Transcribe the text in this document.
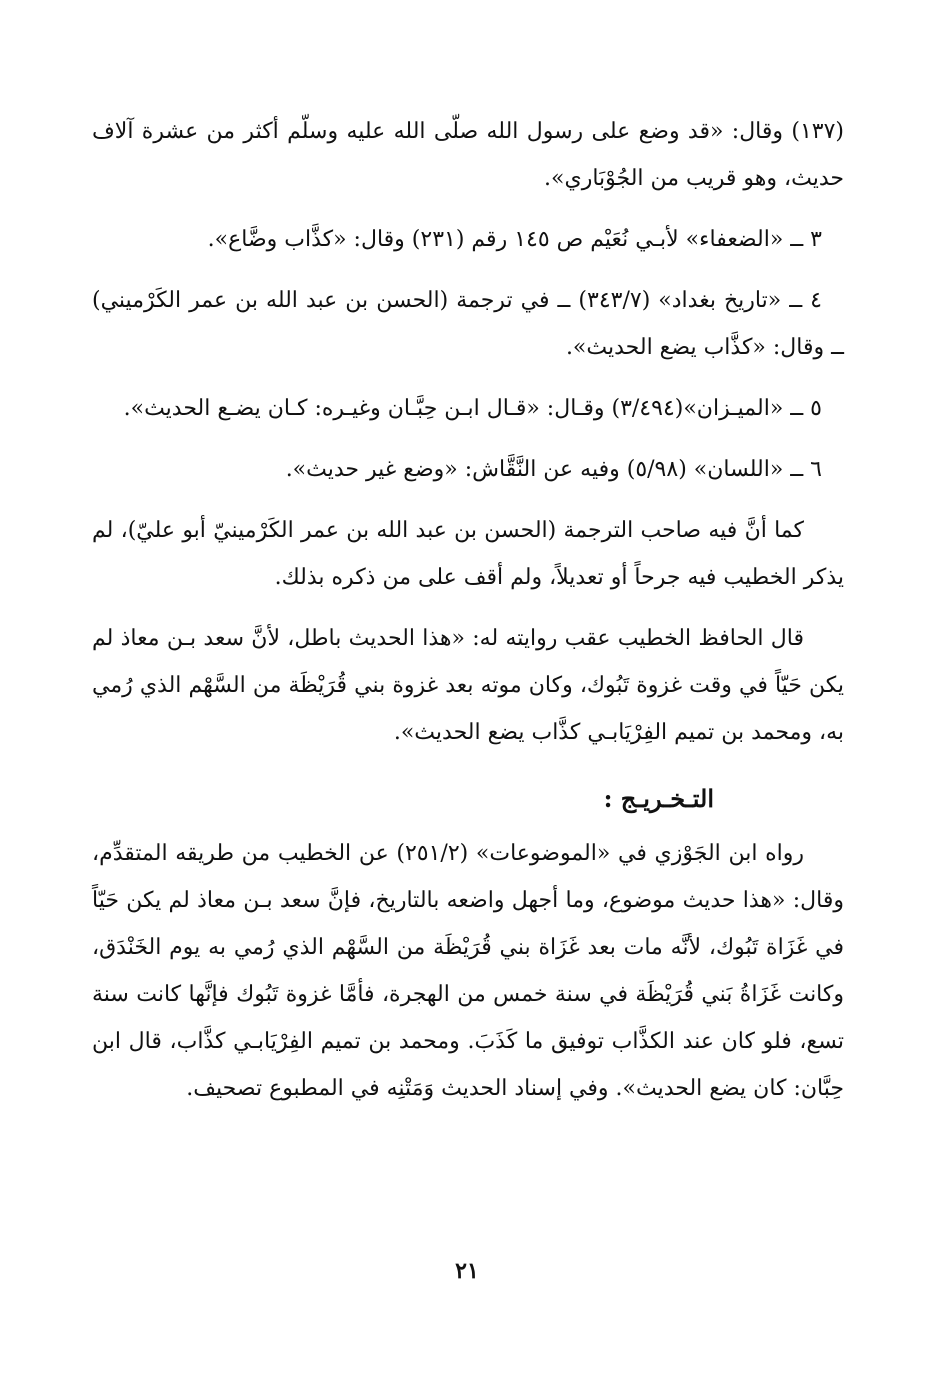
(١٣٧) وقال: «قد وضع على رسول الله صلّى الله عليه وسلّم أكثر من عشرة آلاف حديث، وهو قريب من الجُوْبَاري».

٣ ــ «الضعفاء» لأبـي نُعَيْم ص ١٤٥ رقم (٢٣١) وقال: «كذَّاب وضَّاع».

٤ ــ «تاريخ بغداد» (٣٤٣/٧) ــ في ترجمة (الحسن بن عبد الله بن عمر الكَرْميني) ــ وقال: «كذَّاب يضع الحديث».

٥ ــ «الميـزان»(٣/٤٩٤) وقـال: «قـال ابـن حِبَّـان وغيـره: كـان يضـع الحديث».

٦ ــ «اللسان» (٥/٩٨) وفيه عن النَّقَّاش: «وضع غير حديث».

كما أنَّ فيه صاحب الترجمة (الحسن بن عبد الله بن عمر الكَرْمينيّ أبو عليّ)، لم يذكر الخطيب فيه جرحاً أو تعديلاً، ولم أقف على من ذكره بذلك.

قال الحافظ الخطيب عقب روايته له: «هذا الحديث باطل، لأنَّ سعد بـن معاذ لم يكن حَيّاً في وقت غزوة تَبُوك، وكان موته بعد غزوة بني قُرَيْظَة من السَّهْم الذي رُمي به، ومحمد بن تميم الفِرْيَابـي كذَّاب يضع الحديث».

التـخـريـج :

رواه ابن الجَوْزي في «الموضوعات» (٢٥١/٢) عن الخطيب من طريقه المتقدِّم، وقال: «هذا حديث موضوع، وما أجهل واضعه بالتاريخ، فإنَّ سعد بـن معاذ لم يكن حَيّاً في غَزَاة تَبُوك، لأنَّه مات بعد غَزَاة بني قُرَيْظَة من السَّهْم الذي رُمي به يوم الخَنْدَق، وكانت غَزَاةُ بَني قُرَيْظَة في سنة خمس من الهجرة، فأمَّا غزوة تَبُوك فإنَّها كانت سنة تسع، فلو كان عند الكذَّاب توفيق ما كَذَبَ. ومحمد بن تميم الفِرْيَابـي كذَّاب، قال ابن حِبَّان: كان يضع الحديث». وفي إسناد الحديث وَمَتْنِه في المطبوع تصحيف.

٢١
